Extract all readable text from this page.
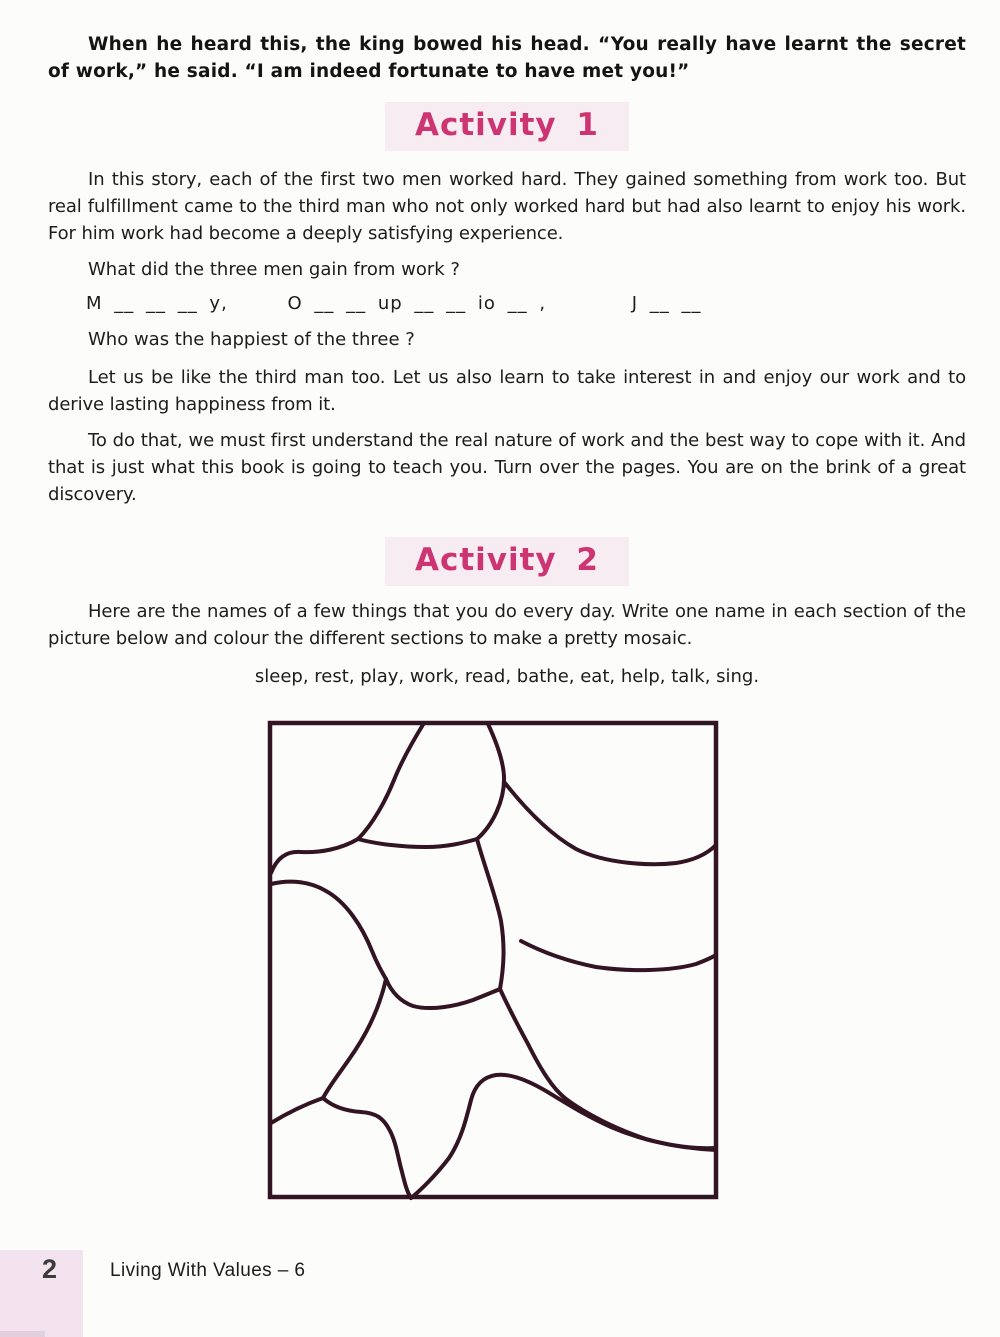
When he heard this, the king bowed his head. “You really have learnt the secret of work,” he said. “I am indeed fortunate to have met you!”

Activity 1

In this story, each of the first two men worked hard. They gained something from work too. But real fulfillment came to the third man who not only worked hard but had also learnt to enjoy his work. For him work had become a deeply satisfying experience.

What did the three men gain from work ?

M __ __ __ y,	O __ __ up __ __ io __ ,	J __ __

Who was the happiest of the three ?

Let us be like the third man too. Let us also learn to take interest in and enjoy our work and to derive lasting happiness from it.

To do that, we must first understand the real nature of work and the best way to cope with it. And that is just what this book is going to teach you. Turn over the pages. You are on the brink of a great discovery.

Activity 2

Here are the names of a few things that you do every day. Write one name in each section of the picture below and colour the different sections to make a pretty mosaic.

sleep, rest, play, work, read, bathe, eat, help, talk, sing.

2	Living With Values – 6
